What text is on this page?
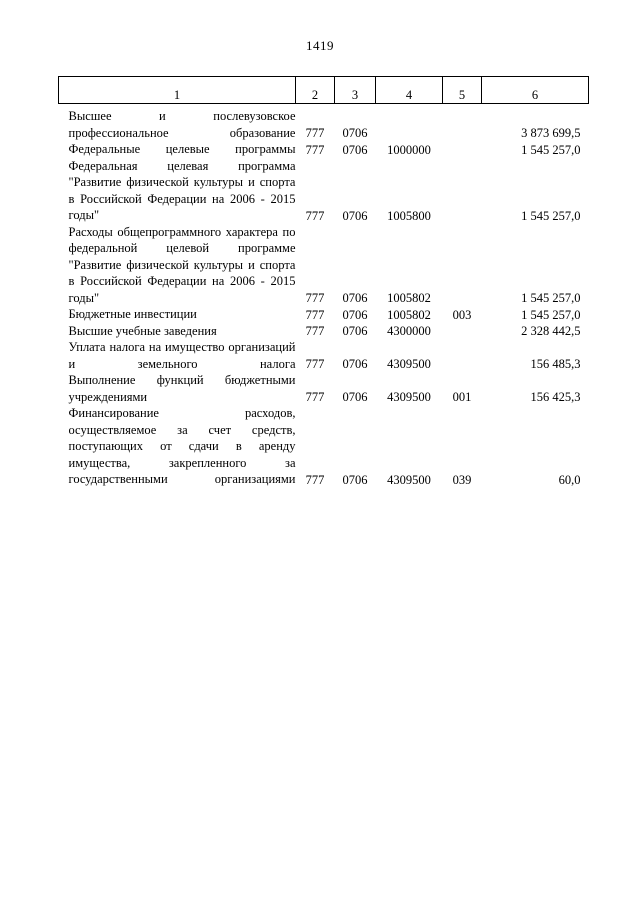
1419
1	2	3	4	5	6

Высшее и послевузовское профессиональное образование	777	0706			3 873 699,5
Федеральные целевые программы	777	0706	1000000		1 545 257,0
Федеральная целевая программа "Развитие физической культуры и спорта в Российской Федерации на 2006 - 2015 годы"	777	0706	1005800		1 545 257,0
Расходы общепрограммного характера по федеральной целевой программе "Развитие физической культуры и спорта в Российской Федерации на 2006 - 2015 годы"	777	0706	1005802		1 545 257,0
Бюджетные инвестиции	777	0706	1005802	003	1 545 257,0
Высшие учебные заведения	777	0706	4300000		2 328 442,5
Уплата налога на имущество организаций и земельного налога	777	0706	4309500		156 485,3
Выполнение функций бюджетными учреждениями	777	0706	4309500	001	156 425,3
Финансирование расходов, осуществляемое за счет средств, поступающих от сдачи в аренду имущества, закрепленного за государственными организациями	777	0706	4309500	039	60,0
